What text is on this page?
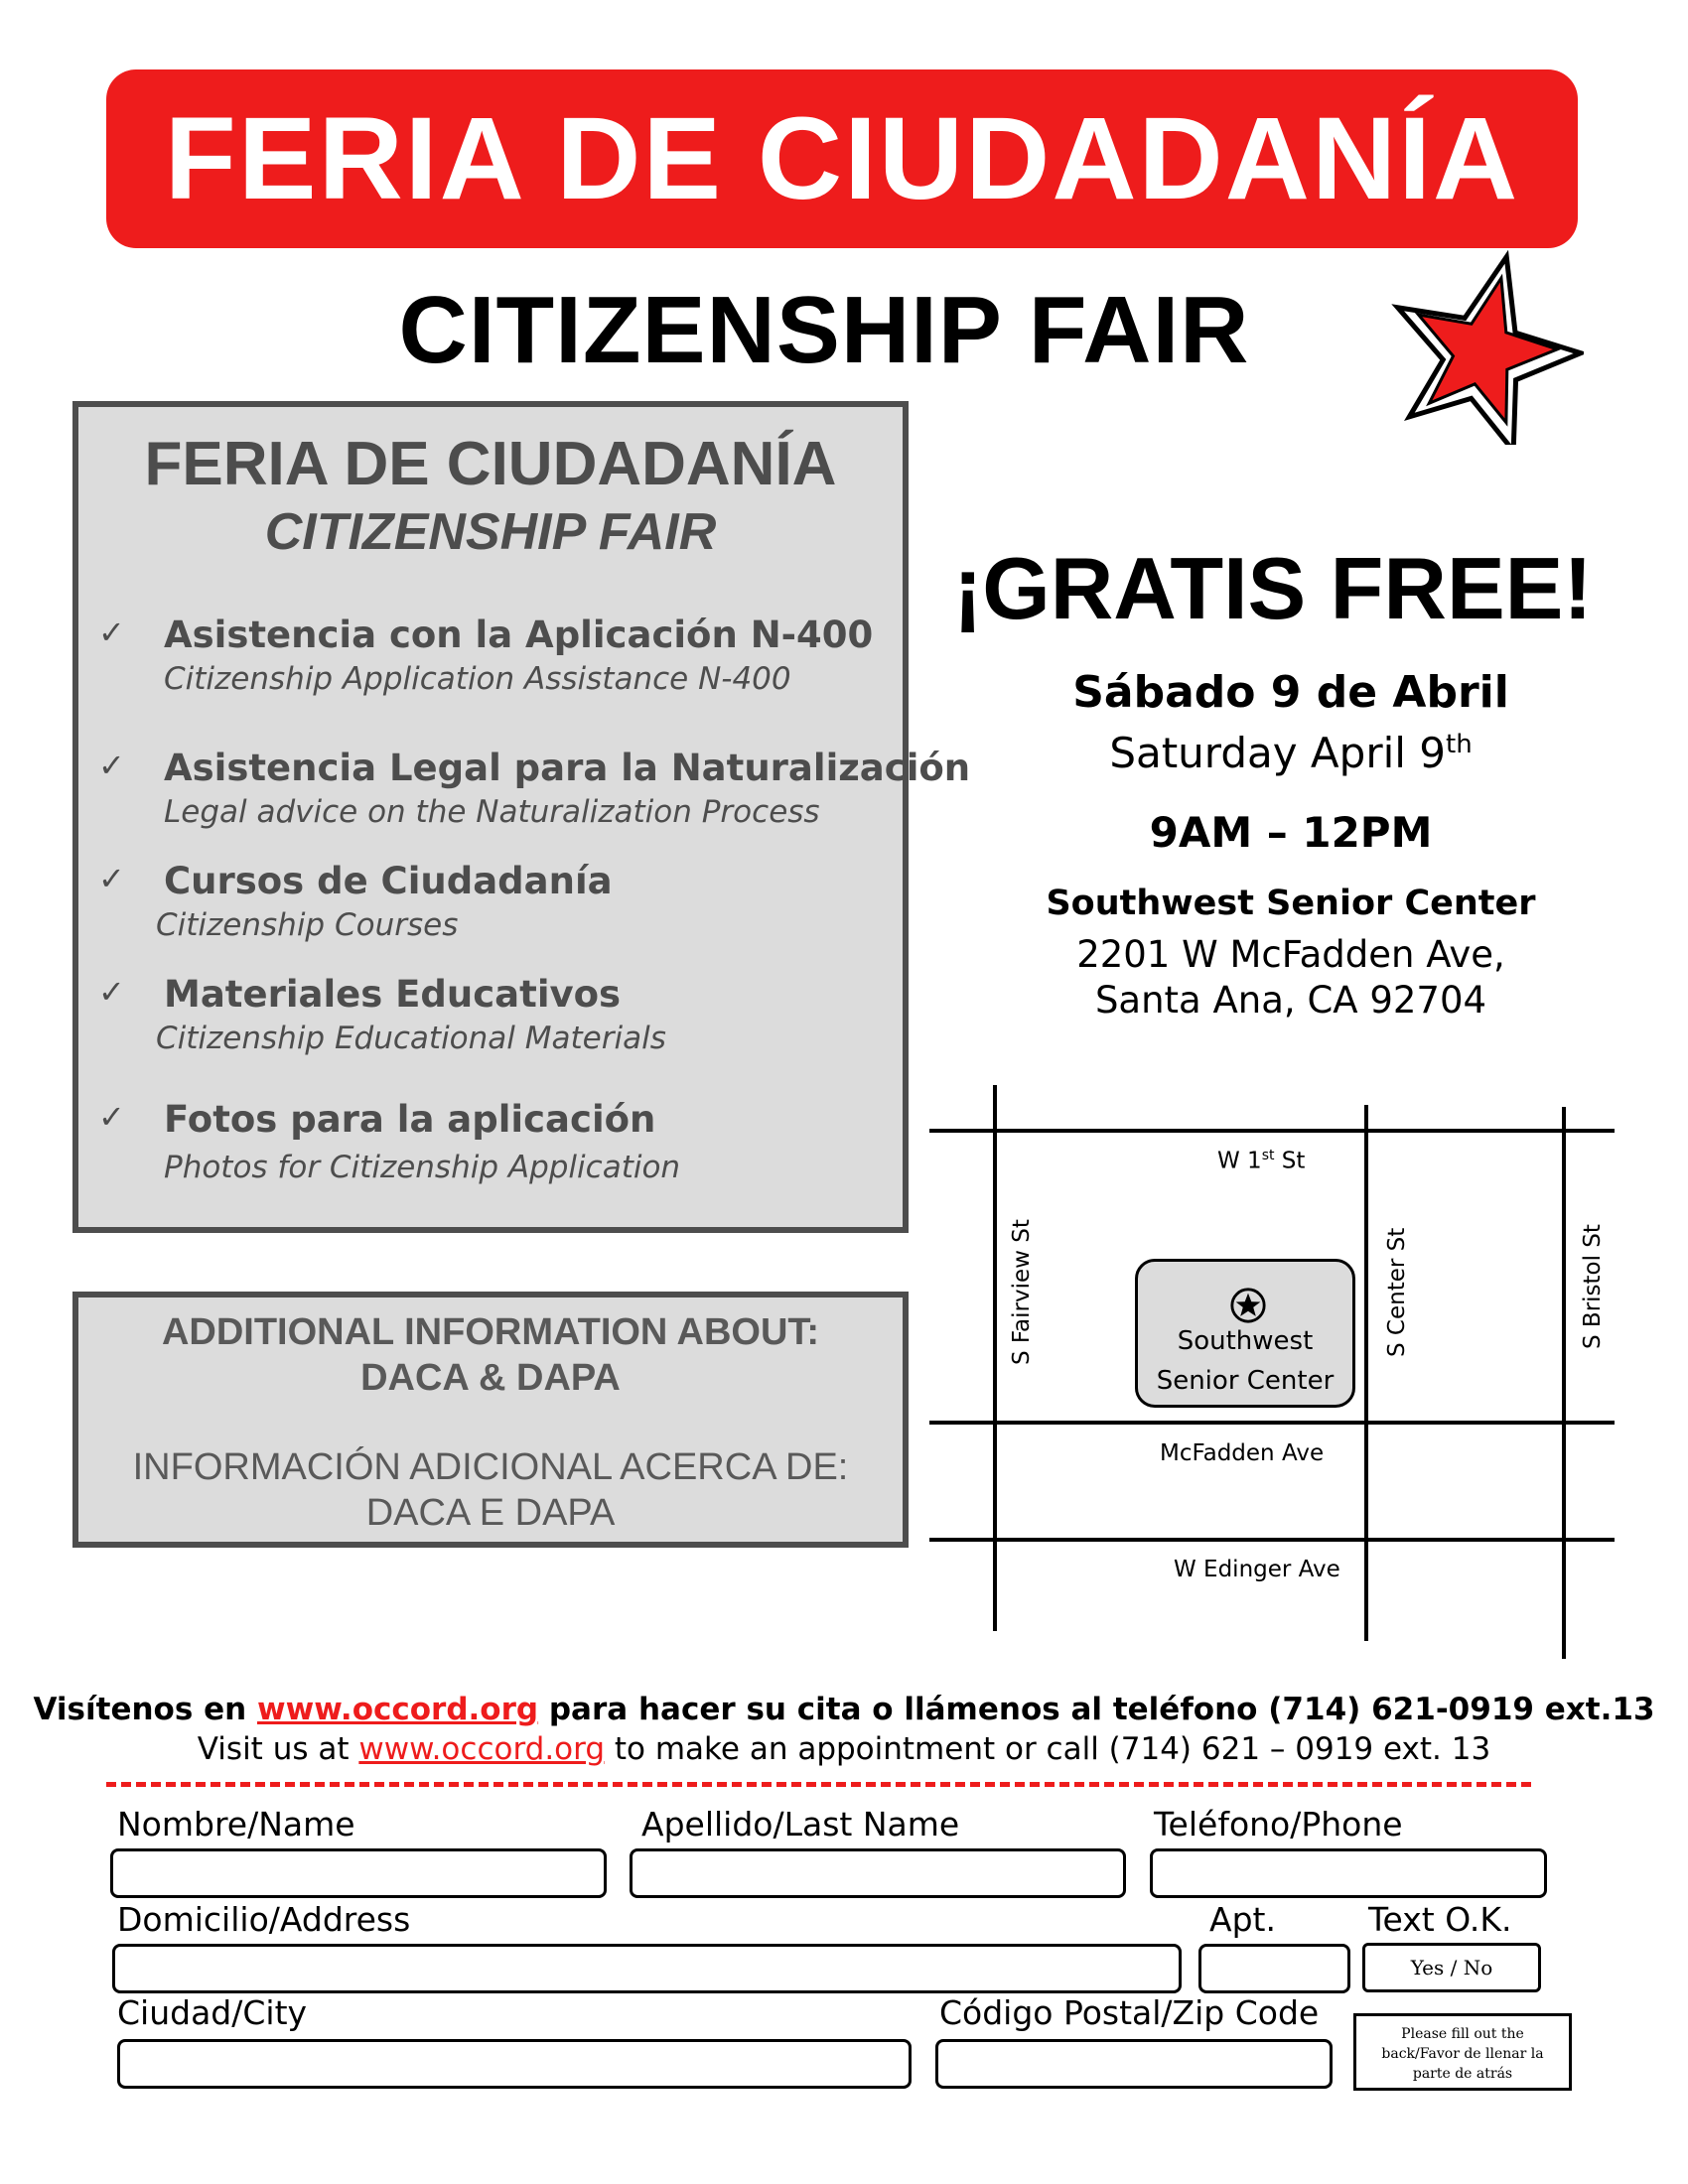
FERIA DE CIUDADANÍA
CITIZENSHIP FAIR
FERIA DE CIUDADANÍA
CITIZENSHIP FAIR
✓ Asistencia con la Aplicación N-400
Citizenship Application Assistance N-400
✓ Asistencia Legal para la Naturalización
Legal advice on the Naturalization Process
✓ Cursos de Ciudadanía
Citizenship Courses
✓ Materiales Educativos
Citizenship Educational Materials
✓ Fotos para la aplicación
Photos for Citizenship Application
ADDITIONAL INFORMATION ABOUT:
DACA & DAPA
INFORMACIÓN ADICIONAL ACERCA DE:
DACA E DAPA
¡GRATIS FREE!
Sábado 9 de Abril
Saturday April 9th
9AM – 12PM
Southwest Senior Center
2201 W McFadden Ave,
Santa Ana, CA 92704
W 1st St
S Fairview St	S Center St	S Bristol St
McFadden Ave
W Edinger Ave
Southwest
Senior Center
Visítenos en www.occord.org para hacer su cita o llámenos al teléfono (714) 621-0919 ext.13
Visit us at www.occord.org to make an appointment or call (714) 621 – 0919 ext. 13
Nombre/Name	Apellido/Last Name	Teléfono/Phone
Domicilio/Address	Apt.	Text O.K.
Yes / No
Ciudad/City	Código Postal/Zip Code
Please fill out the
back/Favor de llenar la
parte de atrás
